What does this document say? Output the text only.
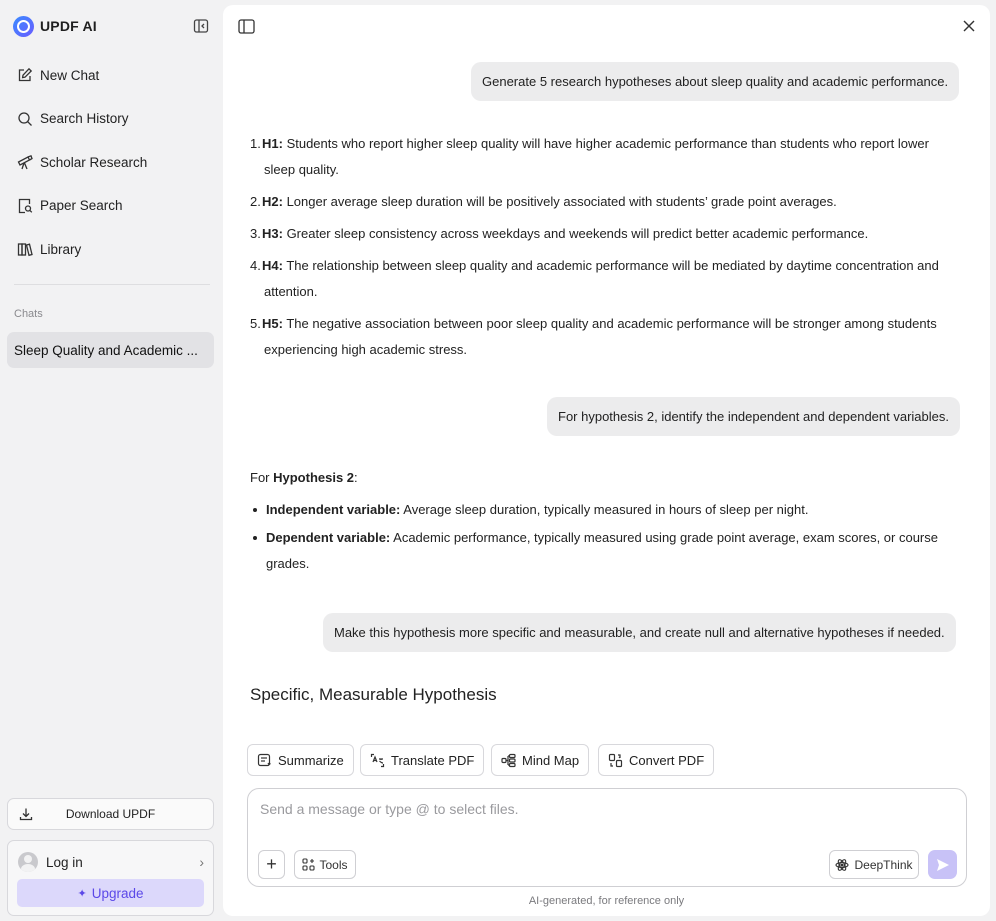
UPDF AI
New Chat
Search History
Scholar Research
Paper Search
Library
Chats
Sleep Quality and Academic ...
Download UPDF
Log in	›
✦ Upgrade
Generate 5 research hypotheses about sleep quality and academic performance.
1.H1: Students who report higher sleep quality will have higher academic performance than students who report lower sleep quality.
2.H2: Longer average sleep duration will be positively associated with students’ grade point averages.
3.H3: Greater sleep consistency across weekdays and weekends will predict better academic performance.
4.H4: The relationship between sleep quality and academic performance will be mediated by daytime concentration and attention.
5.H5: The negative association between poor sleep quality and academic performance will be stronger among students experiencing high academic stress.
For hypothesis 2, identify the independent and dependent variables.
For Hypothesis 2:
Independent variable: Average sleep duration, typically measured in hours of sleep per night.
Dependent variable: Academic performance, typically measured using grade point average, exam scores, or course grades.
Make this hypothesis more specific and measurable, and create null and alternative hypotheses if needed.
Specific, Measurable Hypothesis
Summarize	Translate PDF	Mind Map	Convert PDF
Send a message or type @ to select files.
+	Tools	DeepThink
AI-generated, for reference only
